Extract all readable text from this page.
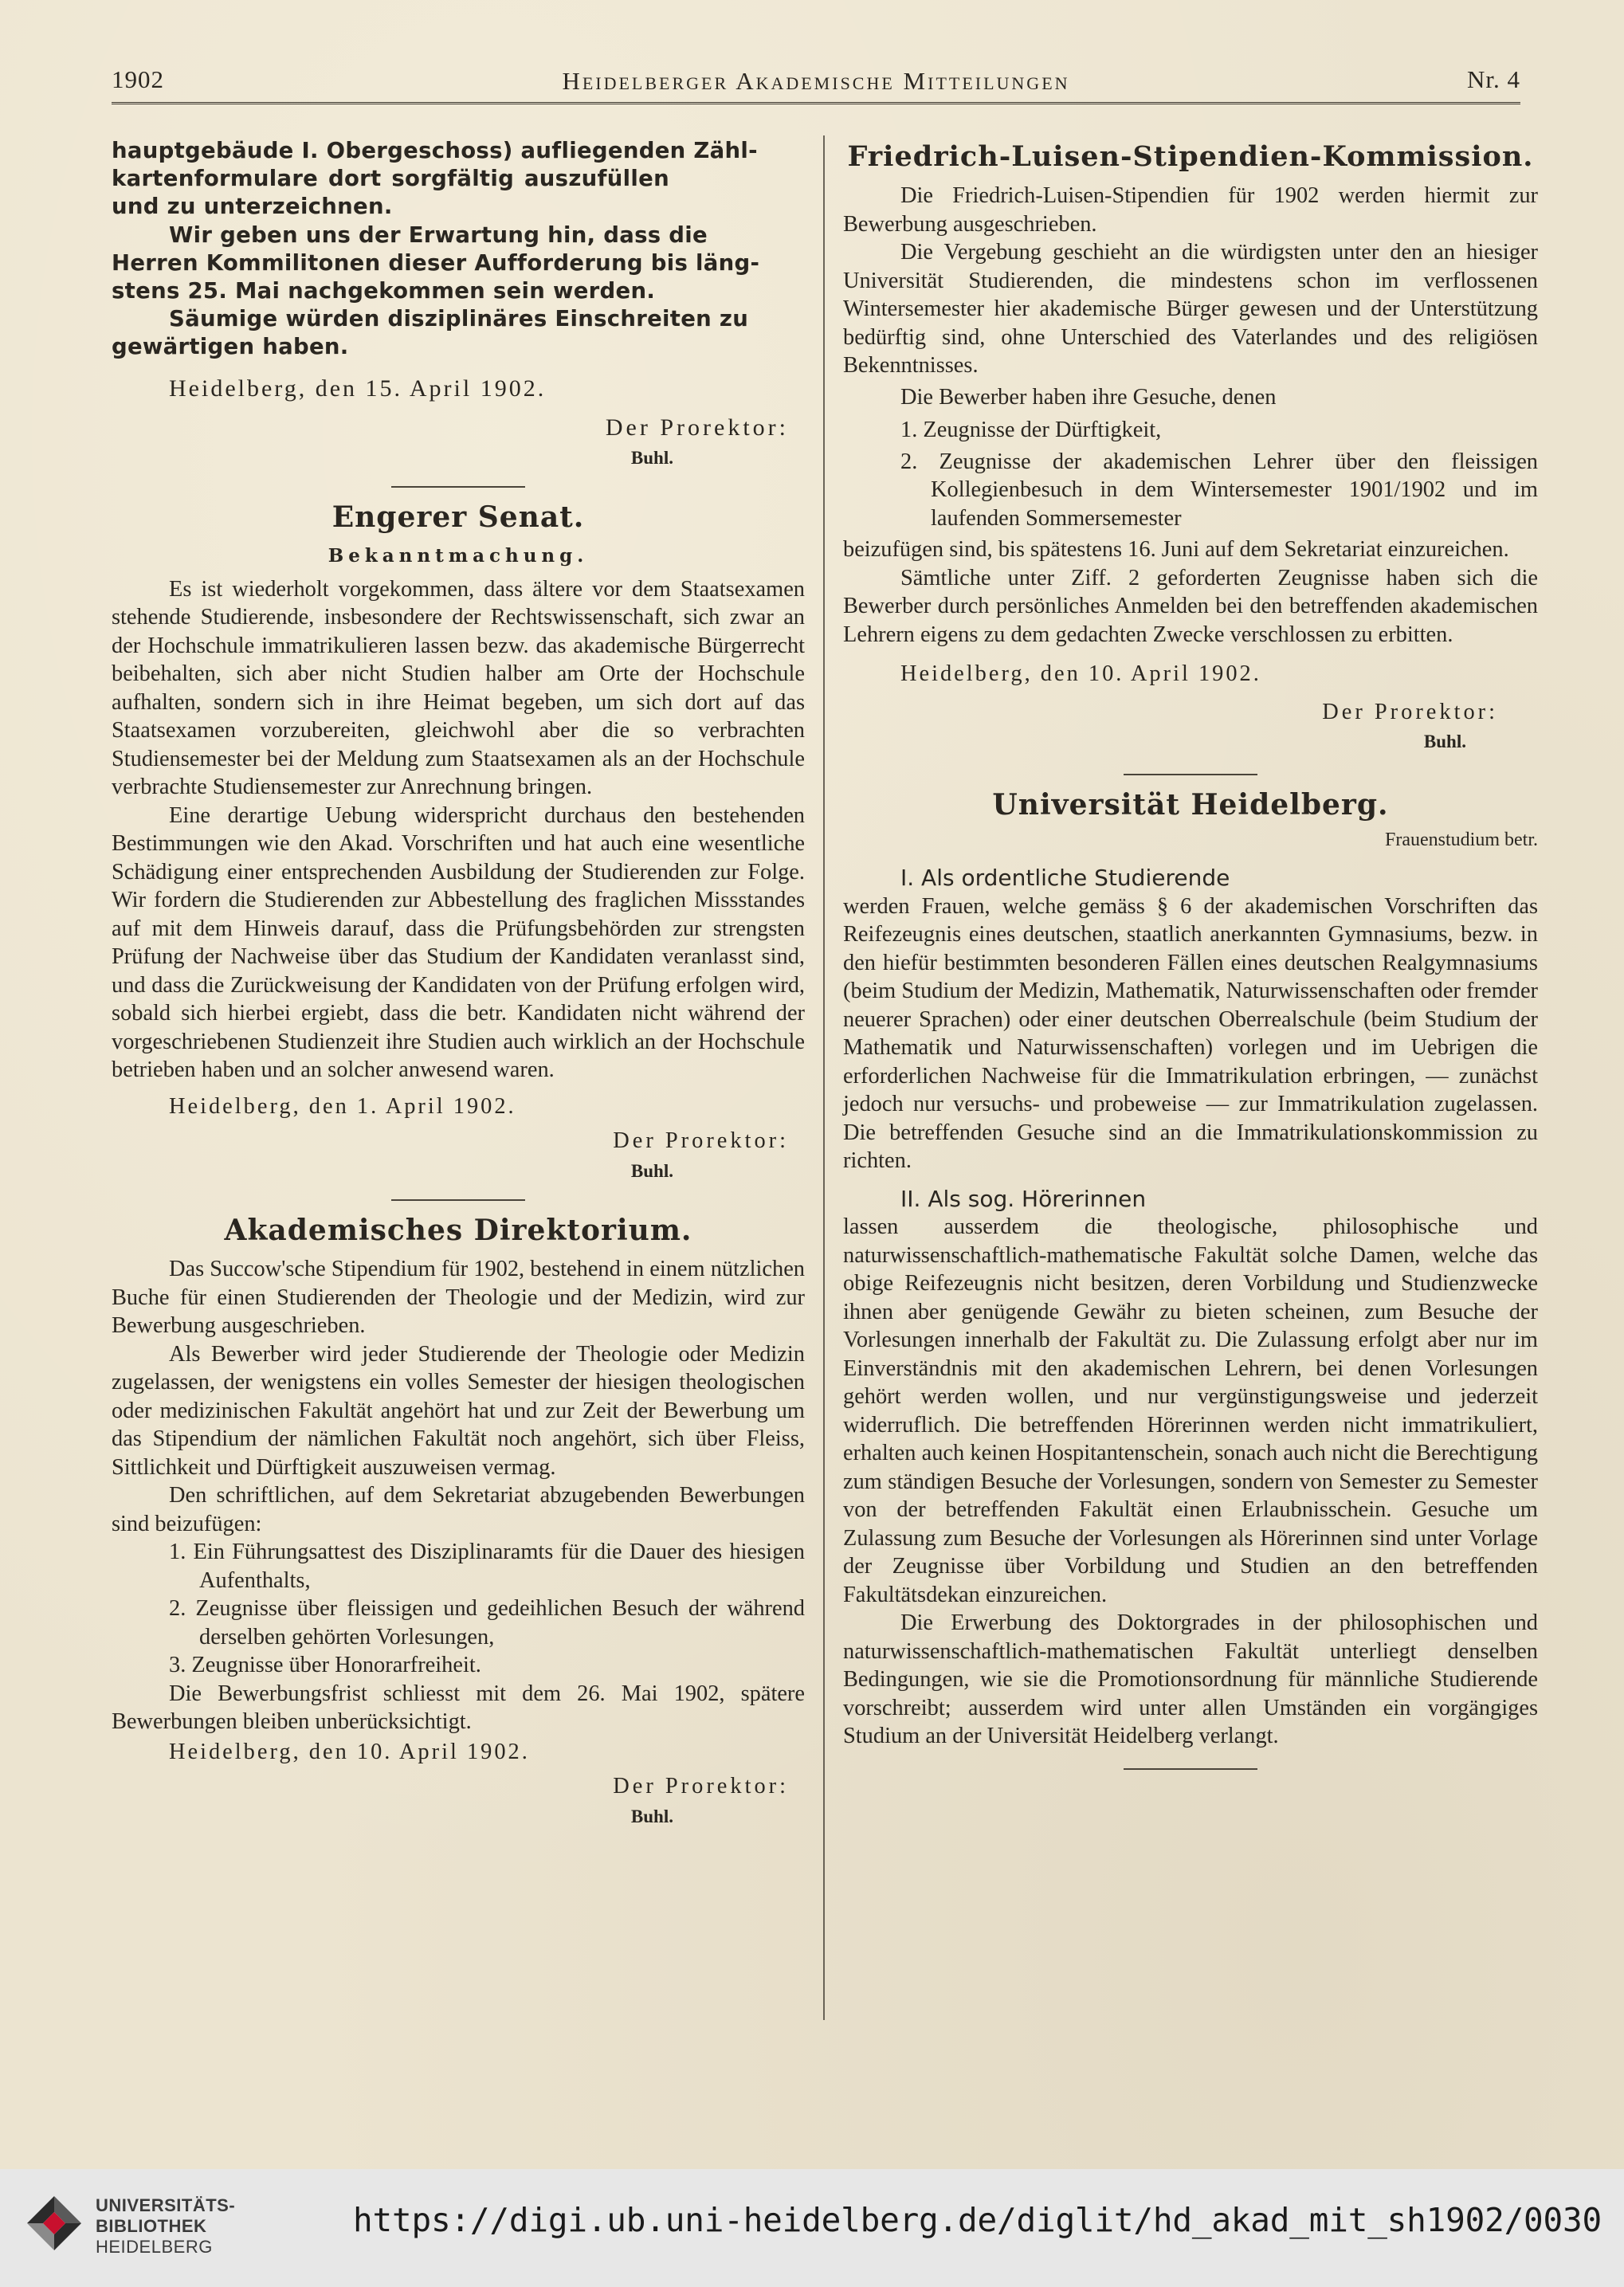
1902	Heidelberger Akademische Mitteilungen	Nr. 4
hauptgebäude I. Obergeschoss) aufliegenden Zähl-
kartenformulare dort sorgfältig auszufüllen
und zu unterzeichnen.
Wir geben uns der Erwartung hin, dass die
Herren Kommilitonen dieser Aufforderung bis läng-
stens 25. Mai nachgekommen sein werden.
Säumige würden disziplinäres Einschreiten zu
gewärtigen haben.
Heidelberg, den 15. April 1902.
Der Prorektor:
Buhl.
Engerer Senat.
Bekanntmachung.
Es ist wiederholt vorgekommen, dass ältere vor dem Staatsexamen stehende Studierende, insbesondere der Rechtswissenschaft, sich zwar an der Hochschule immatrikulieren lassen bezw. das akademische Bürgerrecht beibehalten, sich aber nicht Studien halber am Orte der Hochschule aufhalten, sondern sich in ihre Heimat begeben, um sich dort auf das Staatsexamen vorzubereiten, gleichwohl aber die so verbrachten Studiensemester bei der Meldung zum Staatsexamen als an der Hochschule verbrachte Studiensemester zur Anrechnung bringen.
Eine derartige Uebung widerspricht durchaus den bestehenden Bestimmungen wie den Akad. Vorschriften und hat auch eine wesentliche Schädigung einer entsprechenden Ausbildung der Studierenden zur Folge. Wir fordern die Studierenden zur Abbestellung des fraglichen Missstandes auf mit dem Hinweis darauf, dass die Prüfungsbehörden zur strengsten Prüfung der Nachweise über das Studium der Kandidaten veranlasst sind, und dass die Zurückweisung der Kandidaten von der Prüfung erfolgen wird, sobald sich hierbei ergiebt, dass die betr. Kandidaten nicht während der vorgeschriebenen Studienzeit ihre Studien auch wirklich an der Hochschule betrieben haben und an solcher anwesend waren.
Heidelberg, den 1. April 1902.
Der Prorektor:
Buhl.
Akademisches Direktorium.
Das Succow'sche Stipendium für 1902, bestehend in einem nützlichen Buche für einen Studierenden der Theologie und der Medizin, wird zur Bewerbung ausgeschrieben.
Als Bewerber wird jeder Studierende der Theologie oder Medizin zugelassen, der wenigstens ein volles Semester der hiesigen theologischen oder medizinischen Fakultät angehört hat und zur Zeit der Bewerbung um das Stipendium der nämlichen Fakultät noch angehört, sich über Fleiss, Sittlichkeit und Dürftigkeit auszuweisen vermag.
Den schriftlichen, auf dem Sekretariat abzugebenden Bewerbungen sind beizufügen:
1. Ein Führungsattest des Disziplinaramts für die Dauer des hiesigen Aufenthalts,
2. Zeugnisse über fleissigen und gedeihlichen Besuch der während derselben gehörten Vorlesungen,
3. Zeugnisse über Honorarfreiheit.
Die Bewerbungsfrist schliesst mit dem 26. Mai 1902, spätere Bewerbungen bleiben unberücksichtigt.
Heidelberg, den 10. April 1902.
Der Prorektor:
Buhl.
Friedrich-Luisen-Stipendien-Kommission.
Die Friedrich-Luisen-Stipendien für 1902 werden hiermit zur Bewerbung ausgeschrieben.
Die Vergebung geschieht an die würdigsten unter den an hiesiger Universität Studierenden, die mindestens schon im verflossenen Wintersemester hier akademische Bürger gewesen und der Unterstützung bedürftig sind, ohne Unterschied des Vaterlandes und des religiösen Bekenntnisses.
Die Bewerber haben ihre Gesuche, denen
1. Zeugnisse der Dürftigkeit,
2. Zeugnisse der akademischen Lehrer über den fleissigen Kollegienbesuch in dem Wintersemester 1901/1902 und im laufenden Sommersemester
beizufügen sind, bis spätestens 16. Juni auf dem Sekretariat einzureichen.
Sämtliche unter Ziff. 2 geforderten Zeugnisse haben sich die Bewerber durch persönliches Anmelden bei den betreffenden akademischen Lehrern eigens zu dem gedachten Zwecke verschlossen zu erbitten.
Heidelberg, den 10. April 1902.
Der Prorektor:
Buhl.
Universität Heidelberg.
Frauenstudium betr.
I. Als ordentliche Studierende
werden Frauen, welche gemäss § 6 der akademischen Vorschriften das Reifezeugnis eines deutschen, staatlich anerkannten Gymnasiums, bezw. in den hiefür bestimmten besonderen Fällen eines deutschen Realgymnasiums (beim Studium der Medizin, Mathematik, Naturwissenschaften oder fremder neuerer Sprachen) oder einer deutschen Oberrealschule (beim Studium der Mathematik und Naturwissenschaften) vorlegen und im Uebrigen die erforderlichen Nachweise für die Immatrikulation erbringen, — zunächst jedoch nur versuchs- und probeweise — zur Immatrikulation zugelassen. Die betreffenden Gesuche sind an die Immatrikulationskommission zu richten.
II. Als sog. Hörerinnen
lassen ausserdem die theologische, philosophische und naturwissenschaftlich-mathematische Fakultät solche Damen, welche das obige Reifezeugnis nicht besitzen, deren Vorbildung und Studienzwecke ihnen aber genügende Gewähr zu bieten scheinen, zum Besuche der Vorlesungen innerhalb der Fakultät zu. Die Zulassung erfolgt aber nur im Einverständnis mit den akademischen Lehrern, bei denen Vorlesungen gehört werden wollen, und nur vergünstigungsweise und jederzeit widerruflich. Die betreffenden Hörerinnen werden nicht immatrikuliert, erhalten auch keinen Hospitantenschein, sonach auch nicht die Berechtigung zum ständigen Besuche der Vorlesungen, sondern von Semester zu Semester von der betreffenden Fakultät einen Erlaubnisschein. Gesuche um Zulassung zum Besuche der Vorlesungen als Hörerinnen sind unter Vorlage der Zeugnisse über Vorbildung und Studien an den betreffenden Fakultätsdekan einzureichen.
Die Erwerbung des Doktorgrades in der philosophischen und naturwissenschaftlich-mathematischen Fakultät unterliegt denselben Bedingungen, wie sie die Promotionsordnung für männliche Studierende vorschreibt; ausserdem wird unter allen Umständen ein vorgängiges Studium an der Universität Heidelberg verlangt.
UNIVERSITÄTS-
BIBLIOTHEK
HEIDELBERG
https://digi.ub.uni-heidelberg.de/diglit/hd_akad_mit_sh1902/0030
